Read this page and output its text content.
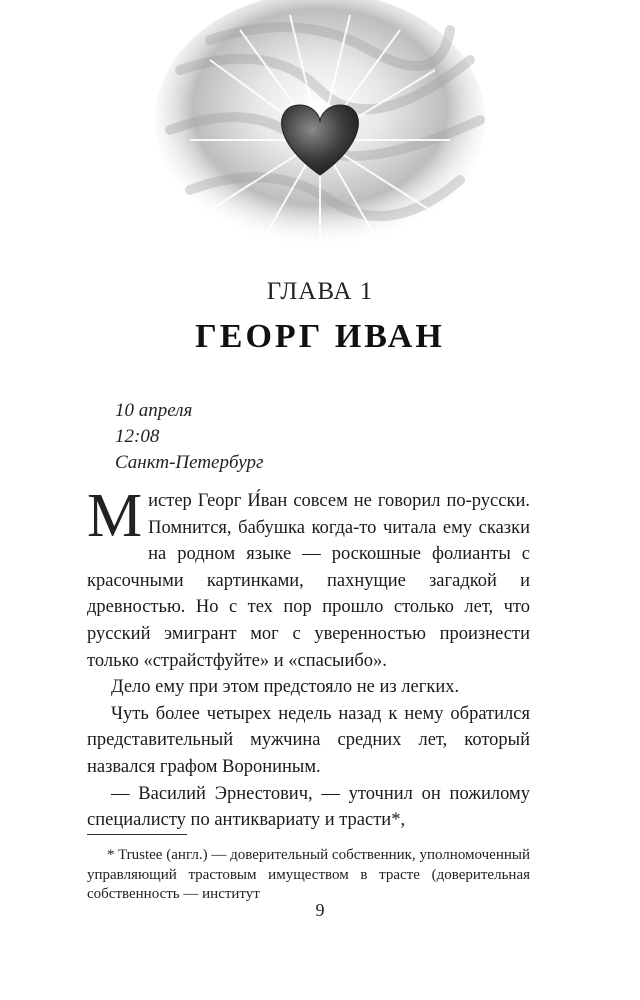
ГЛАВА 1
ГЕОРГ ИВАН
10 апреля
12:08
Санкт-Петербург

Мистер Георг И́ван совсем не говорил по-русски. Помнится, бабушка когда-то читала ему сказки на родном языке — роскошные фолианты с красочными картинками, пахнущие загадкой и древностью. Но с тех пор прошло столько лет, что русский эмигрант мог с уверенностью произнести только «страйстфуйте» и «спасыибо».

Дело ему при этом предстояло не из легких.

Чуть более четырех недель назад к нему обратился представительный мужчина средних лет, который назвался графом Ворониным.

— Василий Эрнестович, — уточнил он пожилому специалисту по антиквариату и трасти*,

* Trustee (англ.) — доверительный собственник, уполномоченный управляющий трастовым имуществом в трасте (доверительная собственность — институт

9
